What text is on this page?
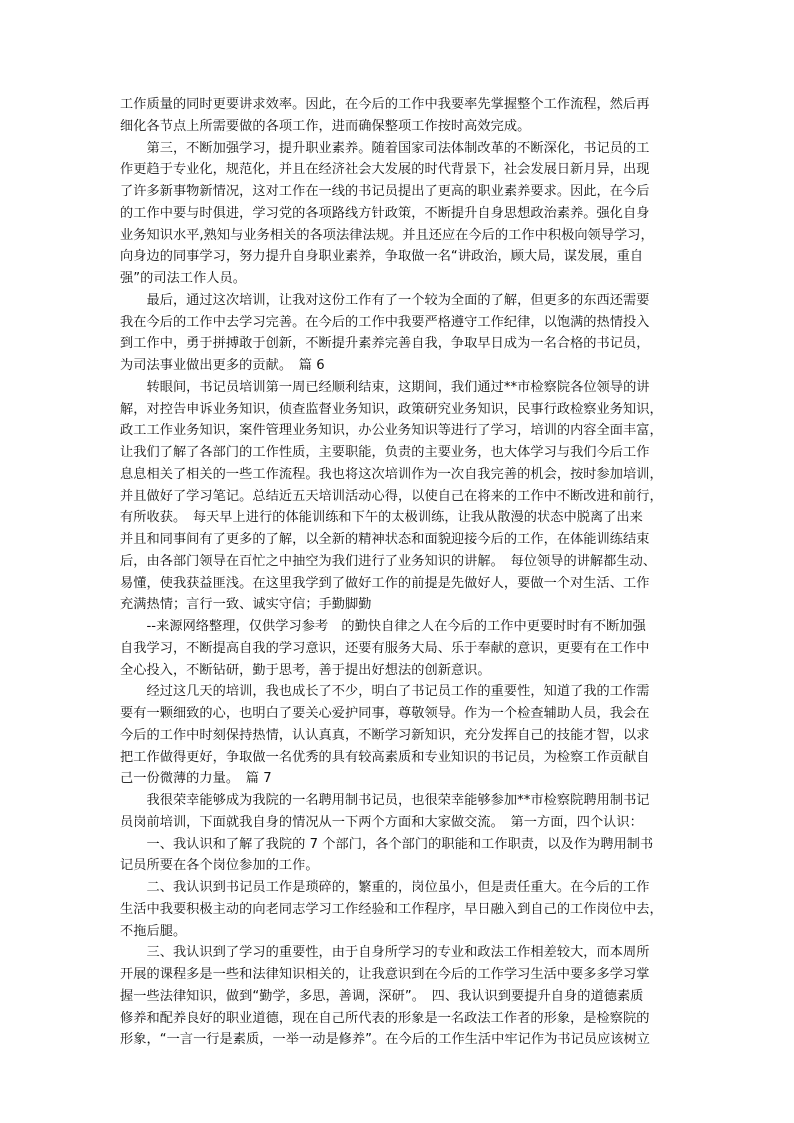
工作质量的同时更要讲求效率。因此，在今后的工作中我要率先掌握整个工作流程，然后再
细化各节点上所需要做的各项工作，进而确保整项工作按时高效完成。
　　第三，不断加强学习，提升职业素养。随着国家司法体制改革的不断深化，书记员的工
作更趋于专业化，规范化，并且在经济社会大发展的时代背景下，社会发展日新月异，出现
了许多新事物新情况，这对工作在一线的书记员提出了更高的职业素养要求。因此，在今后
的工作中要与时俱进，学习党的各项路线方针政策，不断提升自身思想政治素养。强化自身
业务知识水平,熟知与业务相关的各项法律法规。并且还应在今后的工作中积极向领导学习，
向身边的同事学习，努力提升自身职业素养，争取做一名“讲政治，顾大局，谋发展，重自
强”的司法工作人员。
　　最后，通过这次培训，让我对这份工作有了一个较为全面的了解，但更多的东西还需要
我在今后的工作中去学习完善。在今后的工作中我要严格遵守工作纪律，以饱满的热情投入
到工作中，勇于拼搏敢于创新，不断提升素养完善自我，争取早日成为一名合格的书记员，
为司法事业做出更多的贡献。　篇 6
　　转眼间，书记员培训第一周已经顺利结束，这期间，我们通过**市检察院各位领导的讲
解，对控告申诉业务知识，侦查监督业务知识，政策研究业务知识，民事行政检察业务知识，
政工工作业务知识，案件管理业务知识，办公业务知识等进行了学习，培训的内容全面丰富，
让我们了解了各部门的工作性质，主要职能，负责的主要业务，也大体学习与我们今后工作
息息相关了相关的一些工作流程。我也将这次培训作为一次自我完善的机会，按时参加培训，
并且做好了学习笔记。总结近五天培训活动心得，以使自己在将来的工作中不断改进和前行，
有所收获。　每天早上进行的体能训练和下午的太极训练，让我从散漫的状态中脱离了出来
并且和同事间有了更多的了解，以全新的精神状态和面貌迎接今后的工作，在体能训练结束
后，由各部门领导在百忙之中抽空为我们进行了业务知识的讲解。　每位领导的讲解都生动、
易懂，使我获益匪浅。在这里我学到了做好工作的前提是先做好人，要做一个对生活、工作
充满热情；言行一致、诚实守信；手勤脚勤
　　--来源网络整理，仅供学习参考　的勤快自律之人在今后的工作中更要时时有不断加强
自我学习，不断提高自我的学习意识，还要有服务大局、乐于奉献的意识，更要有在工作中
全心投入，不断钻研，勤于思考，善于提出好想法的创新意识。
　　经过这几天的培训，我也成长了不少，明白了书记员工作的重要性，知道了我的工作需
要有一颗细致的心，也明白了要关心爱护同事，尊敬领导。作为一个检查辅助人员，我会在
今后的工作中时刻保持热情，认认真真，不断学习新知识，充分发挥自己的技能才智，以求
把工作做得更好，争取做一名优秀的具有较高素质和专业知识的书记员，为检察工作贡献自
己一份微薄的力量。　篇 7
　　我很荣幸能够成为我院的一名聘用制书记员，也很荣幸能够参加**市检察院聘用制书记
员岗前培训，下面就我自身的情况从一下两个方面和大家做交流。　第一方面，四个认识：
　　一、我认识和了解了我院的 7 个部门，各个部门的职能和工作职责，以及作为聘用制书
记员所要在各个岗位参加的工作。
　　二、我认识到书记员工作是琐碎的，繁重的，岗位虽小，但是责任重大。在今后的工作
生活中我要积极主动的向老同志学习工作经验和工作程序，早日融入到自己的工作岗位中去，
不拖后腿。
　　三、我认识到了学习的重要性，由于自身所学习的专业和政法工作相差较大，而本周所
开展的课程多是一些和法律知识相关的，让我意识到在今后的工作学习生活中要多多学习掌
握一些法律知识，做到“勤学，多思，善调，深研”。　四、我认识到要提升自身的道德素质
修养和配养良好的职业道德，现在自己所代表的形象是一名政法工作者的形象，是检察院的
形象，“一言一行是素质，一举一动是修养”。在今后的工作生活中牢记作为书记员应该树立
